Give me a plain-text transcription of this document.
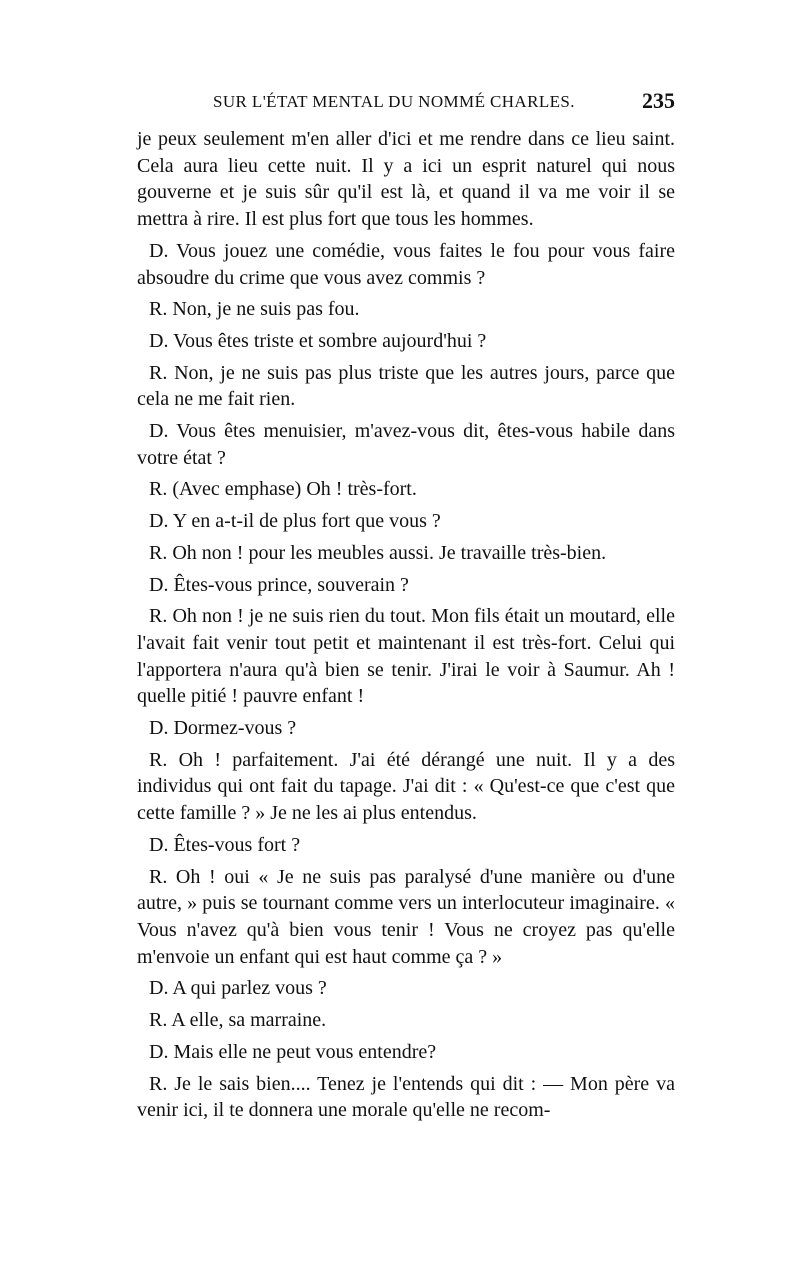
SUR L'ÉTAT MENTAL DU NOMMÉ CHARLES.	235

je peux seulement m'en aller d'ici et me rendre dans ce lieu saint. Cela aura lieu cette nuit. Il y a ici un esprit naturel qui nous gouverne et je suis sûr qu'il est là, et quand il va me voir il se mettra à rire. Il est plus fort que tous les hommes.

D. Vous jouez une comédie, vous faites le fou pour vous faire absoudre du crime que vous avez commis ?

R. Non, je ne suis pas fou.

D. Vous êtes triste et sombre aujourd'hui ?

R. Non, je ne suis pas plus triste que les autres jours, parce que cela ne me fait rien.

D. Vous êtes menuisier, m'avez-vous dit, êtes-vous habile dans votre état ?

R. (Avec emphase) Oh ! très-fort.

D. Y en a-t-il de plus fort que vous ?

R. Oh non ! pour les meubles aussi. Je travaille très-bien.

D. Êtes-vous prince, souverain ?

R. Oh non ! je ne suis rien du tout. Mon fils était un moutard, elle l'avait fait venir tout petit et maintenant il est très-fort. Celui qui l'apportera n'aura qu'à bien se tenir. J'irai le voir à Saumur. Ah ! quelle pitié ! pauvre enfant !

D. Dormez-vous ?

R. Oh ! parfaitement. J'ai été dérangé une nuit. Il y a des individus qui ont fait du tapage. J'ai dit : « Qu'est-ce que c'est que cette famille ? » Je ne les ai plus entendus.

D. Êtes-vous fort ?

R. Oh ! oui « Je ne suis pas paralysé d'une manière ou d'une autre, » puis se tournant comme vers un interlocuteur imaginaire. « Vous n'avez qu'à bien vous tenir ! Vous ne croyez pas qu'elle m'envoie un enfant qui est haut comme ça ? »

D. A qui parlez vous ?

R. A elle, sa marraine.

D. Mais elle ne peut vous entendre?

R. Je le sais bien.... Tenez je l'entends qui dit : — Mon père va venir ici, il te donnera une morale qu'elle ne recom-
